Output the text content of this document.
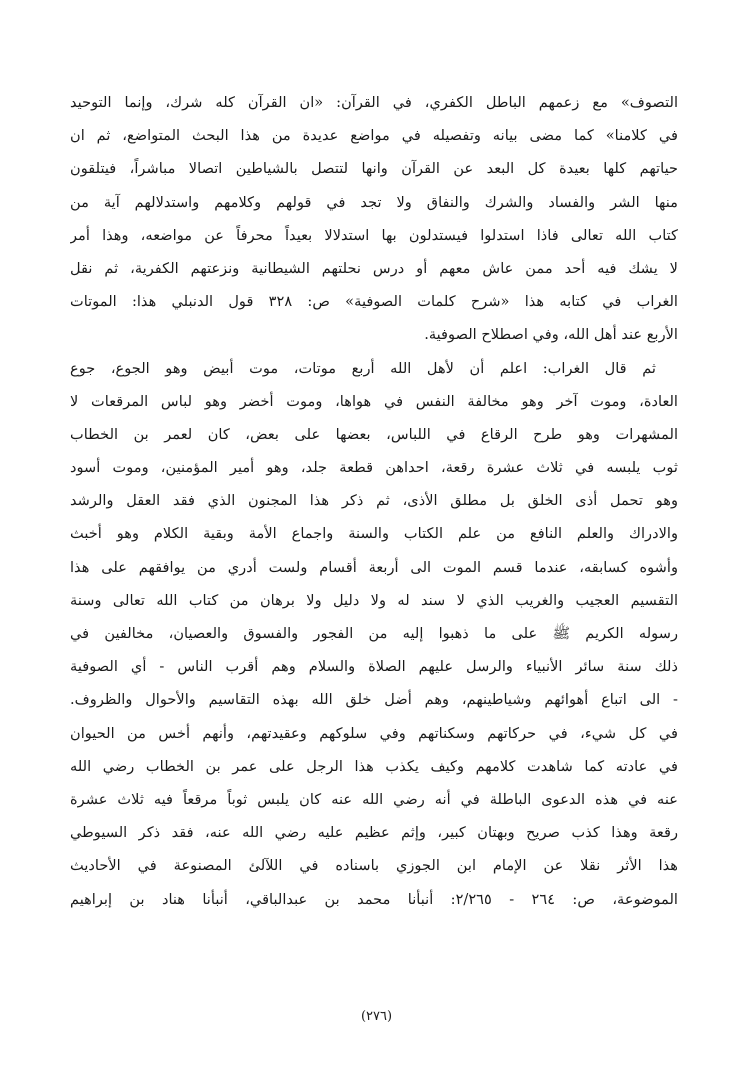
التصوف» مع زعمهم الباطل الكفري، في القرآن: «ان القرآن كله شرك، وإنما التوحيد
في كلامنا» كما مضى بيانه وتفصيله في مواضع عديدة من هذا البحث المتواضع، ثم ان
حياتهم كلها بعيدة كل البعد عن القرآن وانها لتتصل بالشياطين اتصالا مباشراً، فيتلقون
منها الشر والفساد والشرك والنفاق ولا تجد في قولهم وكلامهم واستدلالهم آية من
كتاب الله تعالى فاذا استدلوا فيستدلون بها استدلالا بعيداً محرفاً عن مواضعه، وهذا أمر
لا يشك فيه أحد ممن عاش معهم أو درس نحلتهم الشيطانية ونزعتهم الكفرية، ثم نقل
الغراب في كتابه هذا «شرح كلمات الصوفية» ص: ٣٢٨ قول الدنبلي هذا: الموتات
الأربع عند أهل الله، وفي اصطلاح الصوفية.
ثم قال الغراب: اعلم أن لأهل الله أربع موتات، موت أبيض وهو الجوع، جوع
العادة، وموت آخر وهو مخالفة النفس في هواها، وموت أخضر وهو لباس المرقعات لا
المشهرات وهو طرح الرقاع في اللباس، بعضها على بعض، كان لعمر بن الخطاب
ثوب يلبسه في ثلاث عشرة رقعة، احداهن قطعة جلد، وهو أمير المؤمنين، وموت أسود
وهو تحمل أذى الخلق بل مطلق الأذى، ثم ذكر هذا المجنون الذي فقد العقل والرشد
والادراك والعلم النافع من علم الكتاب والسنة واجماع الأمة وبقية الكلام وهو أخبث
وأشوه كسابقه، عندما قسم الموت الى أربعة أقسام ولست أدري من يوافقهم على هذا
التقسيم العجيب والغريب الذي لا سند له ولا دليل ولا برهان من كتاب الله تعالى وسنة
رسوله الكريم ﷺ على ما ذهبوا إليه من الفجور والفسوق والعصيان، مخالفين في
ذلك سنة سائر الأنبياء والرسل عليهم الصلاة والسلام وهم أقرب الناس - أي الصوفية
- الى اتباع أهوائهم وشياطينهم، وهم أضل خلق الله بهذه التقاسيم والأحوال والظروف.
في كل شيء، في حركاتهم وسكناتهم وفي سلوكهم وعقيدتهم، وأنهم أخس من الحيوان
في عادته كما شاهدت كلامهم وكيف يكذب هذا الرجل على عمر بن الخطاب رضي الله
عنه في هذه الدعوى الباطلة في أنه رضي الله عنه كان يلبس ثوباً مرقعاً فيه ثلاث عشرة
رقعة وهذا كذب صريح وبهتان كبير، وإثم عظيم عليه رضي الله عنه، فقد ذكر السيوطي
هذا الأثر نقلا عن الإمام ابن الجوزي باسناده في اللآلئ المصنوعة في الأحاديث
الموضوعة، ص: ٢٦٤ - ٢/٢٦٥: أنبأنا محمد بن عبدالباقي، أنبأنا هناد بن إبراهيم
(٢٧٦)
